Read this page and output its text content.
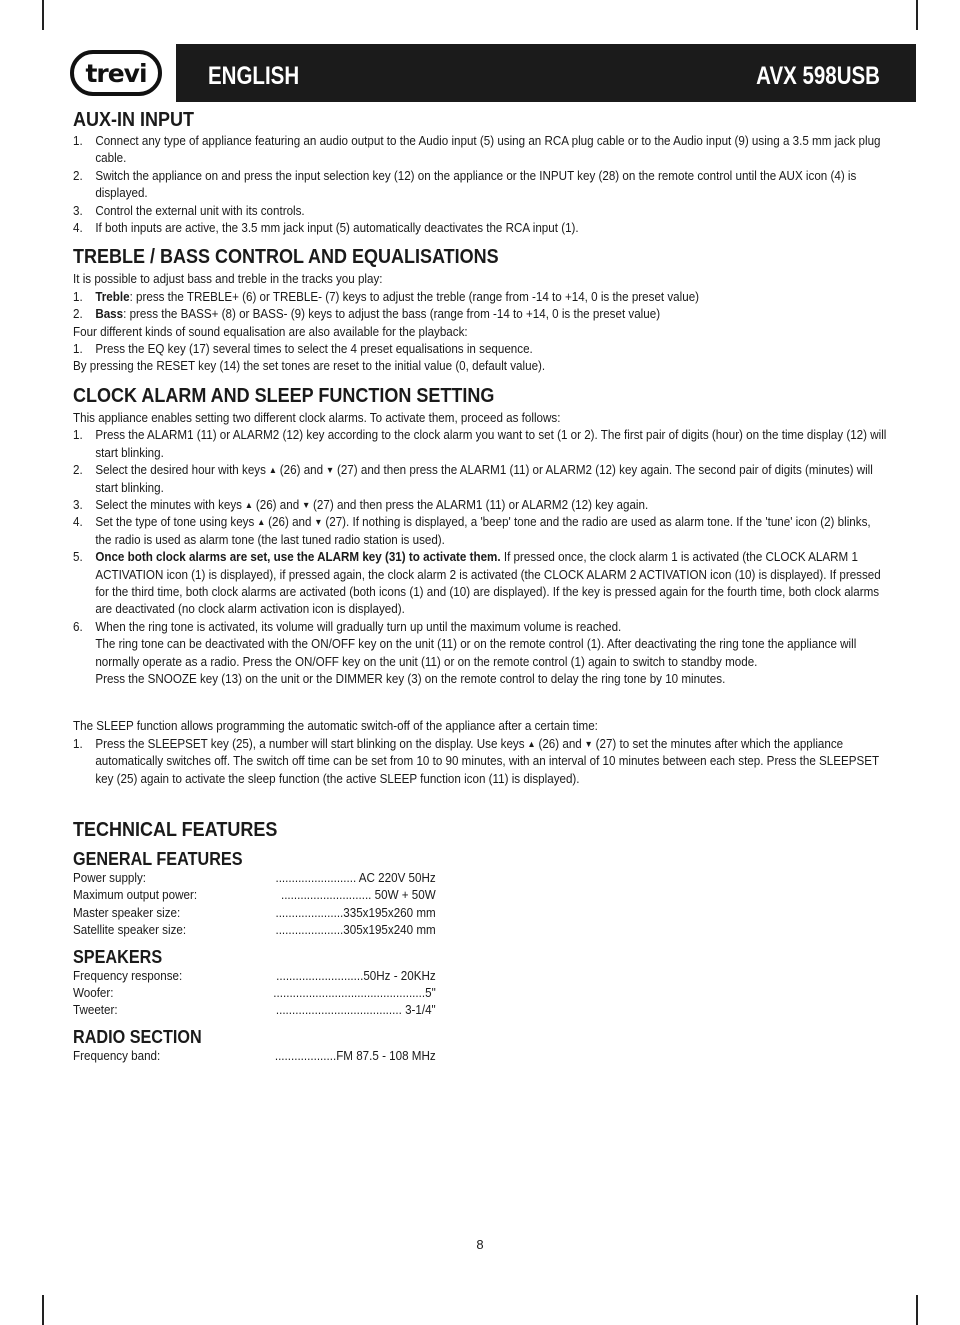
trevi ENGLISH	AVX 598USB
AUX-IN INPUT
1. Connect any type of appliance featuring an audio output to the Audio input (5) using an RCA plug cable or to the Audio input (9) using a 3.5 mm jack plug cable.
2. Switch the appliance on and press the input selection key (12) on the appliance or the INPUT key (28) on the remote control until the AUX icon (4) is displayed.
3. Control the external unit with its controls.
4. If both inputs are active, the 3.5 mm jack input (5) automatically deactivates the RCA input (1).
TREBLE / BASS CONTROL AND EQUALISATIONS

It is possible to adjust bass and treble in the tracks you play:

1. Treble: press the TREBLE+ (6) or TREBLE- (7) keys to adjust the treble (range from -14 to +14, 0 is the preset value)
2. Bass: press the BASS+ (8) or BASS- (9) keys to adjust the bass (range from -14 to +14, 0 is the preset value)

Four different kinds of sound equalisation are also available for the playback:

1. Press the EQ key (17) several times to select the 4 preset equalisations in sequence.

By pressing the RESET key (14) the set tones are reset to the initial value (0, default value).

CLOCK ALARM AND SLEEP FUNCTION SETTING

This appliance enables setting two different clock alarms. To activate them, proceed as follows:

1. Press the ALARM1 (11) or ALARM2 (12) key according to the clock alarm you want to set (1 or 2). The first pair of digits (hour) on the time display (12) will start blinking.
2. Select the desired hour with keys ▲ (26) and ▼ (27) and then press the ALARM1 (11) or ALARM2 (12) key again. The second pair of digits (minutes) will start blinking.
3. Select the minutes with keys ▲ (26) and ▼ (27) and then press the ALARM1 (11) or ALARM2 (12) key again.
4. Set the type of tone using keys ▲ (26) and ▼ (27). If nothing is displayed, a 'beep' tone and the radio are used as alarm tone. If the 'tune' icon (2) blinks, the radio is used as alarm tone (the last tuned radio station is used).
5. Once both clock alarms are set, use the ALARM key (31) to activate them. If pressed once, the clock alarm 1 is activated (the CLOCK ALARM 1 ACTIVATION icon (1) is displayed), if pressed again, the clock alarm 2 is activated (the CLOCK ALARM 2 ACTIVATION icon (10) is displayed). If pressed for the third time, both clock alarms are activated (both icons (1) and (10) are displayed). If the key is pressed again for the fourth time, both clock alarms are deactivated (no clock alarm activation icon is displayed).
6. When the ring tone is activated, its volume will gradually turn up until the maximum volume is reached.
The ring tone can be deactivated with the ON/OFF key on the unit (11) or on the remote control (1). After deactivating the ring tone the appliance will normally operate as a radio. Press the ON/OFF key on the unit (11) or on the remote control (1) again to switch to standby mode.
Press the SNOOZE key (13) on the unit or the DIMMER key (3) on the remote control to delay the ring tone by 10 minutes.

The SLEEP function allows programming the automatic switch-off of the appliance after a certain time:

1. Press the SLEEPSET key (25), a number will start blinking on the display. Use keys ▲ (26) and ▼ (27) to set the minutes after which the appliance automatically switches off. The switch off time can be set from 10 to 90 minutes, with an interval of 10 minutes between each step. Press the SLEEPSET key (25) again to activate the sleep function (the active SLEEP function icon (11) is displayed).
TECHNICAL FEATURES
GENERAL FEATURES
Power supply:	......................... AC 220V 50Hz
Maximum output power:	............................ 50W + 50W
Master speaker size:	.....................335x195x260 mm
Satellite speaker size:	.....................305x195x240 mm
SPEAKERS
Frequency response:	...........................50Hz - 20KHz
Woofer:	...............................................5"
Tweeter:	....................................... 3-1/4"
RADIO SECTION
Frequency band:	...................FM 87.5 - 108 MHz
8
